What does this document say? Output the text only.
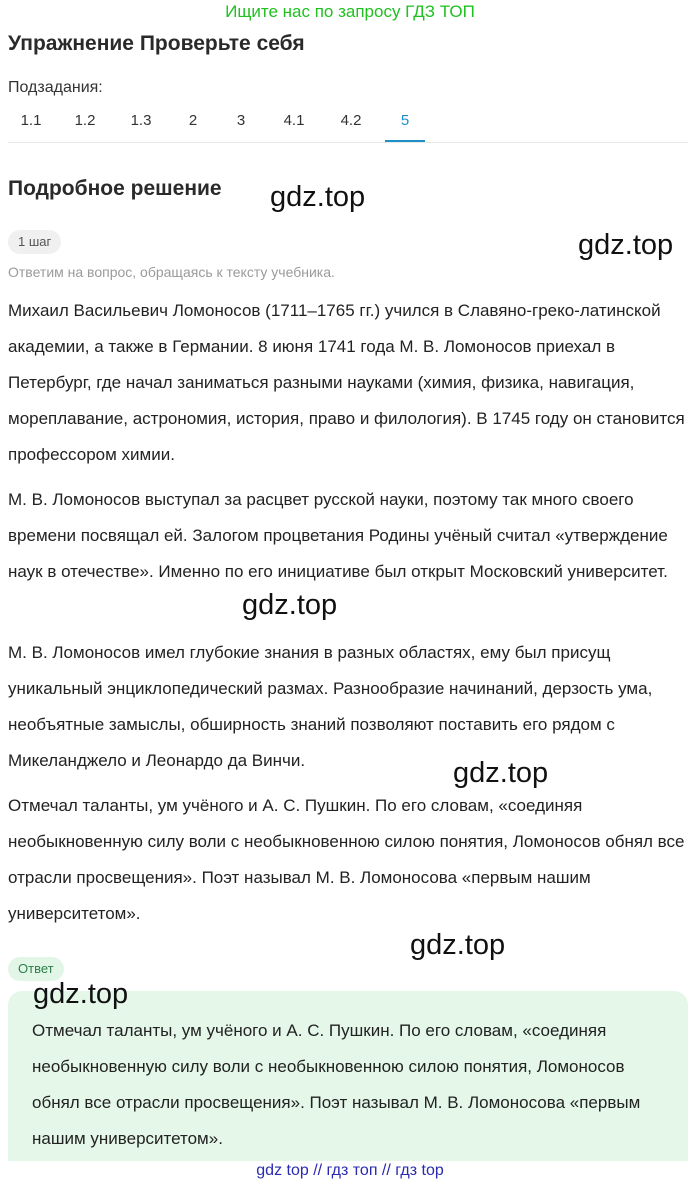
Ищите нас по запросу ГДЗ ТОП
Упражнение Проверьте себя
Подзадания:
1.1 1.2 1.3 2	3	4.1 4.2	5
Подробное решение
1 шаг
Ответим на вопрос, обращаясь к тексту учебника.
Михаил Васильевич Ломоносов (1711–1765 гг.) учился в Славяно-греко-латинской академии, а также в Германии. 8 июня 1741 года М. В. Ломоносов приехал в Петербург, где начал заниматься разными науками (химия, физика, навигация, мореплавание, астрономия, история, право и филология). В 1745 году он становится профессором химии.
М. В. Ломоносов выступал за расцвет русской науки, поэтому так много своего времени посвящал ей. Залогом процветания Родины учёный считал «утверждение наук в отечестве». Именно по его инициативе был открыт Московский университет.
М. В. Ломоносов имел глубокие знания в разных областях, ему был присущ уникальный энциклопедический размах. Разнообразие начинаний, дерзость ума, необъятные замыслы, обширность знаний позволяют поставить его рядом с Микеланджело и Леонардо да Винчи.
Отмечал таланты, ум учёного и А. С. Пушкин. По его словам, «соединяя необыкновенную силу воли с необыкновенною силою понятия, Ломоносов обнял все отрасли просвещения». Поэт называл М. В. Ломоносова «первым нашим университетом».
Ответ
Отмечал таланты, ум учёного и А. С. Пушкин. По его словам, «соединяя необыкновенную силу воли с необыкновенною силою понятия, Ломоносов обнял все отрасли просвещения». Поэт называл М. В. Ломоносова «первым нашим университетом».
gdz.top
gdz.top
gdz.top
gdz.top
gdz.top
gdz.top
gdz top // гдз топ // гдз top
